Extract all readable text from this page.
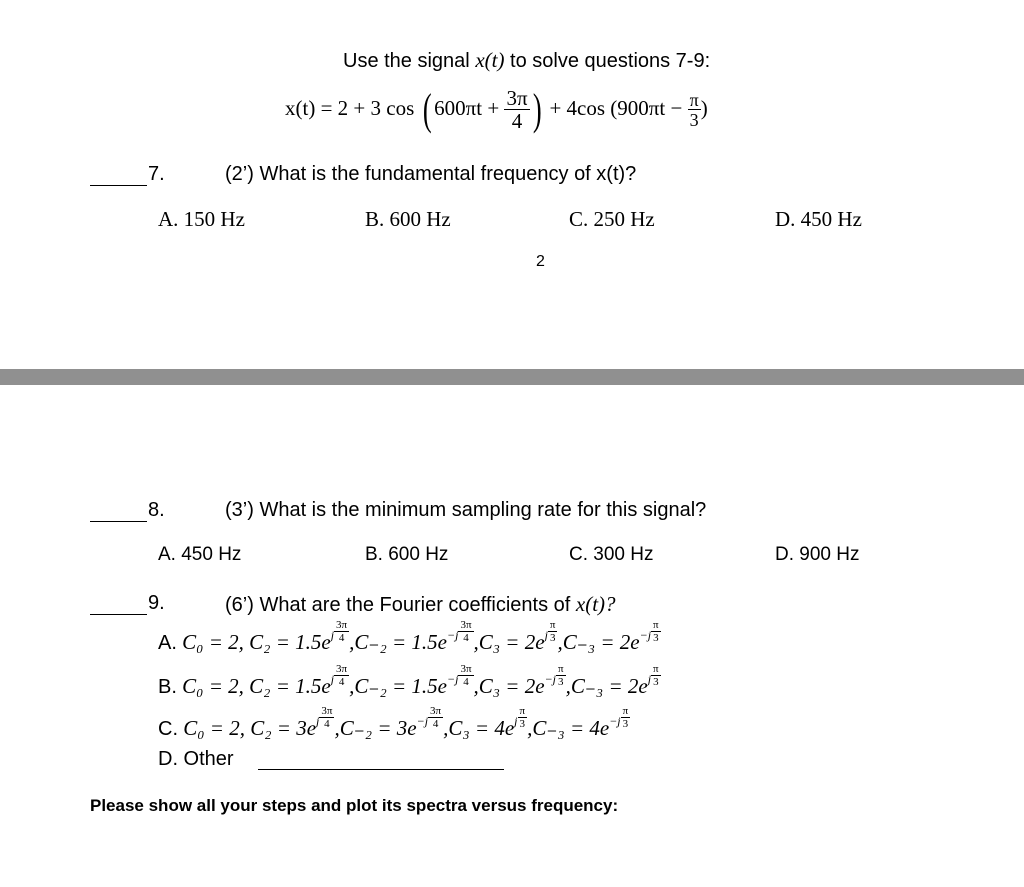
Use the signal x(t) to solve questions 7-9:
x(t) = 2 + 3 cos ( $600\pi t + \frac{3\pi}{4}$ ) + 4cos ($900\pi t - \frac{\pi}{3}$ )
7.	(2’) What is the fundamental frequency of x(t)?
A. 150 Hz	B. 600 Hz	C. 250 Hz	D. 450 Hz
2
8.	(3’) What is the minimum sampling rate for this signal?
A. 450 Hz	B. 600 Hz	C. 300 Hz	D. 900 Hz
9.	(6’) What are the Fourier coefficients of x(t)?
A. C₀ = 2, $C_2 = 1.5e^{j \frac{3\pi}{4}}$ $,C_{-2} = 1.5e^{-j \frac{3\pi}{4}}$ $,C_3 = 2e^{j \frac{\pi}{3}}$ $,C_{-3} = 2e^{-j \frac{\pi}{3}}$
B. C₀ = 2, $C_2 = 1.5e^{j \frac{3\pi}{4}}$ $,C_{-2} = 1.5e^{-j \frac{3\pi}{4}}$ $,C_3 = 2e^{-j \frac{\pi}{3}}$ $,C_{-3} = 2e^{j \frac{\pi}{3}}$
C. C₀ = 2, $C_2 = 3e^{j \frac{3\pi}{4}}$ $,C_{-2} = 3e^{-j \frac{3\pi}{4}}$ $,C_3 = 4e^{j \frac{\pi}{3}}$ $,C_{-3} = 4e^{-j \frac{\pi}{3}}$
D. Other
Please show all your steps and plot its spectra versus frequency:
